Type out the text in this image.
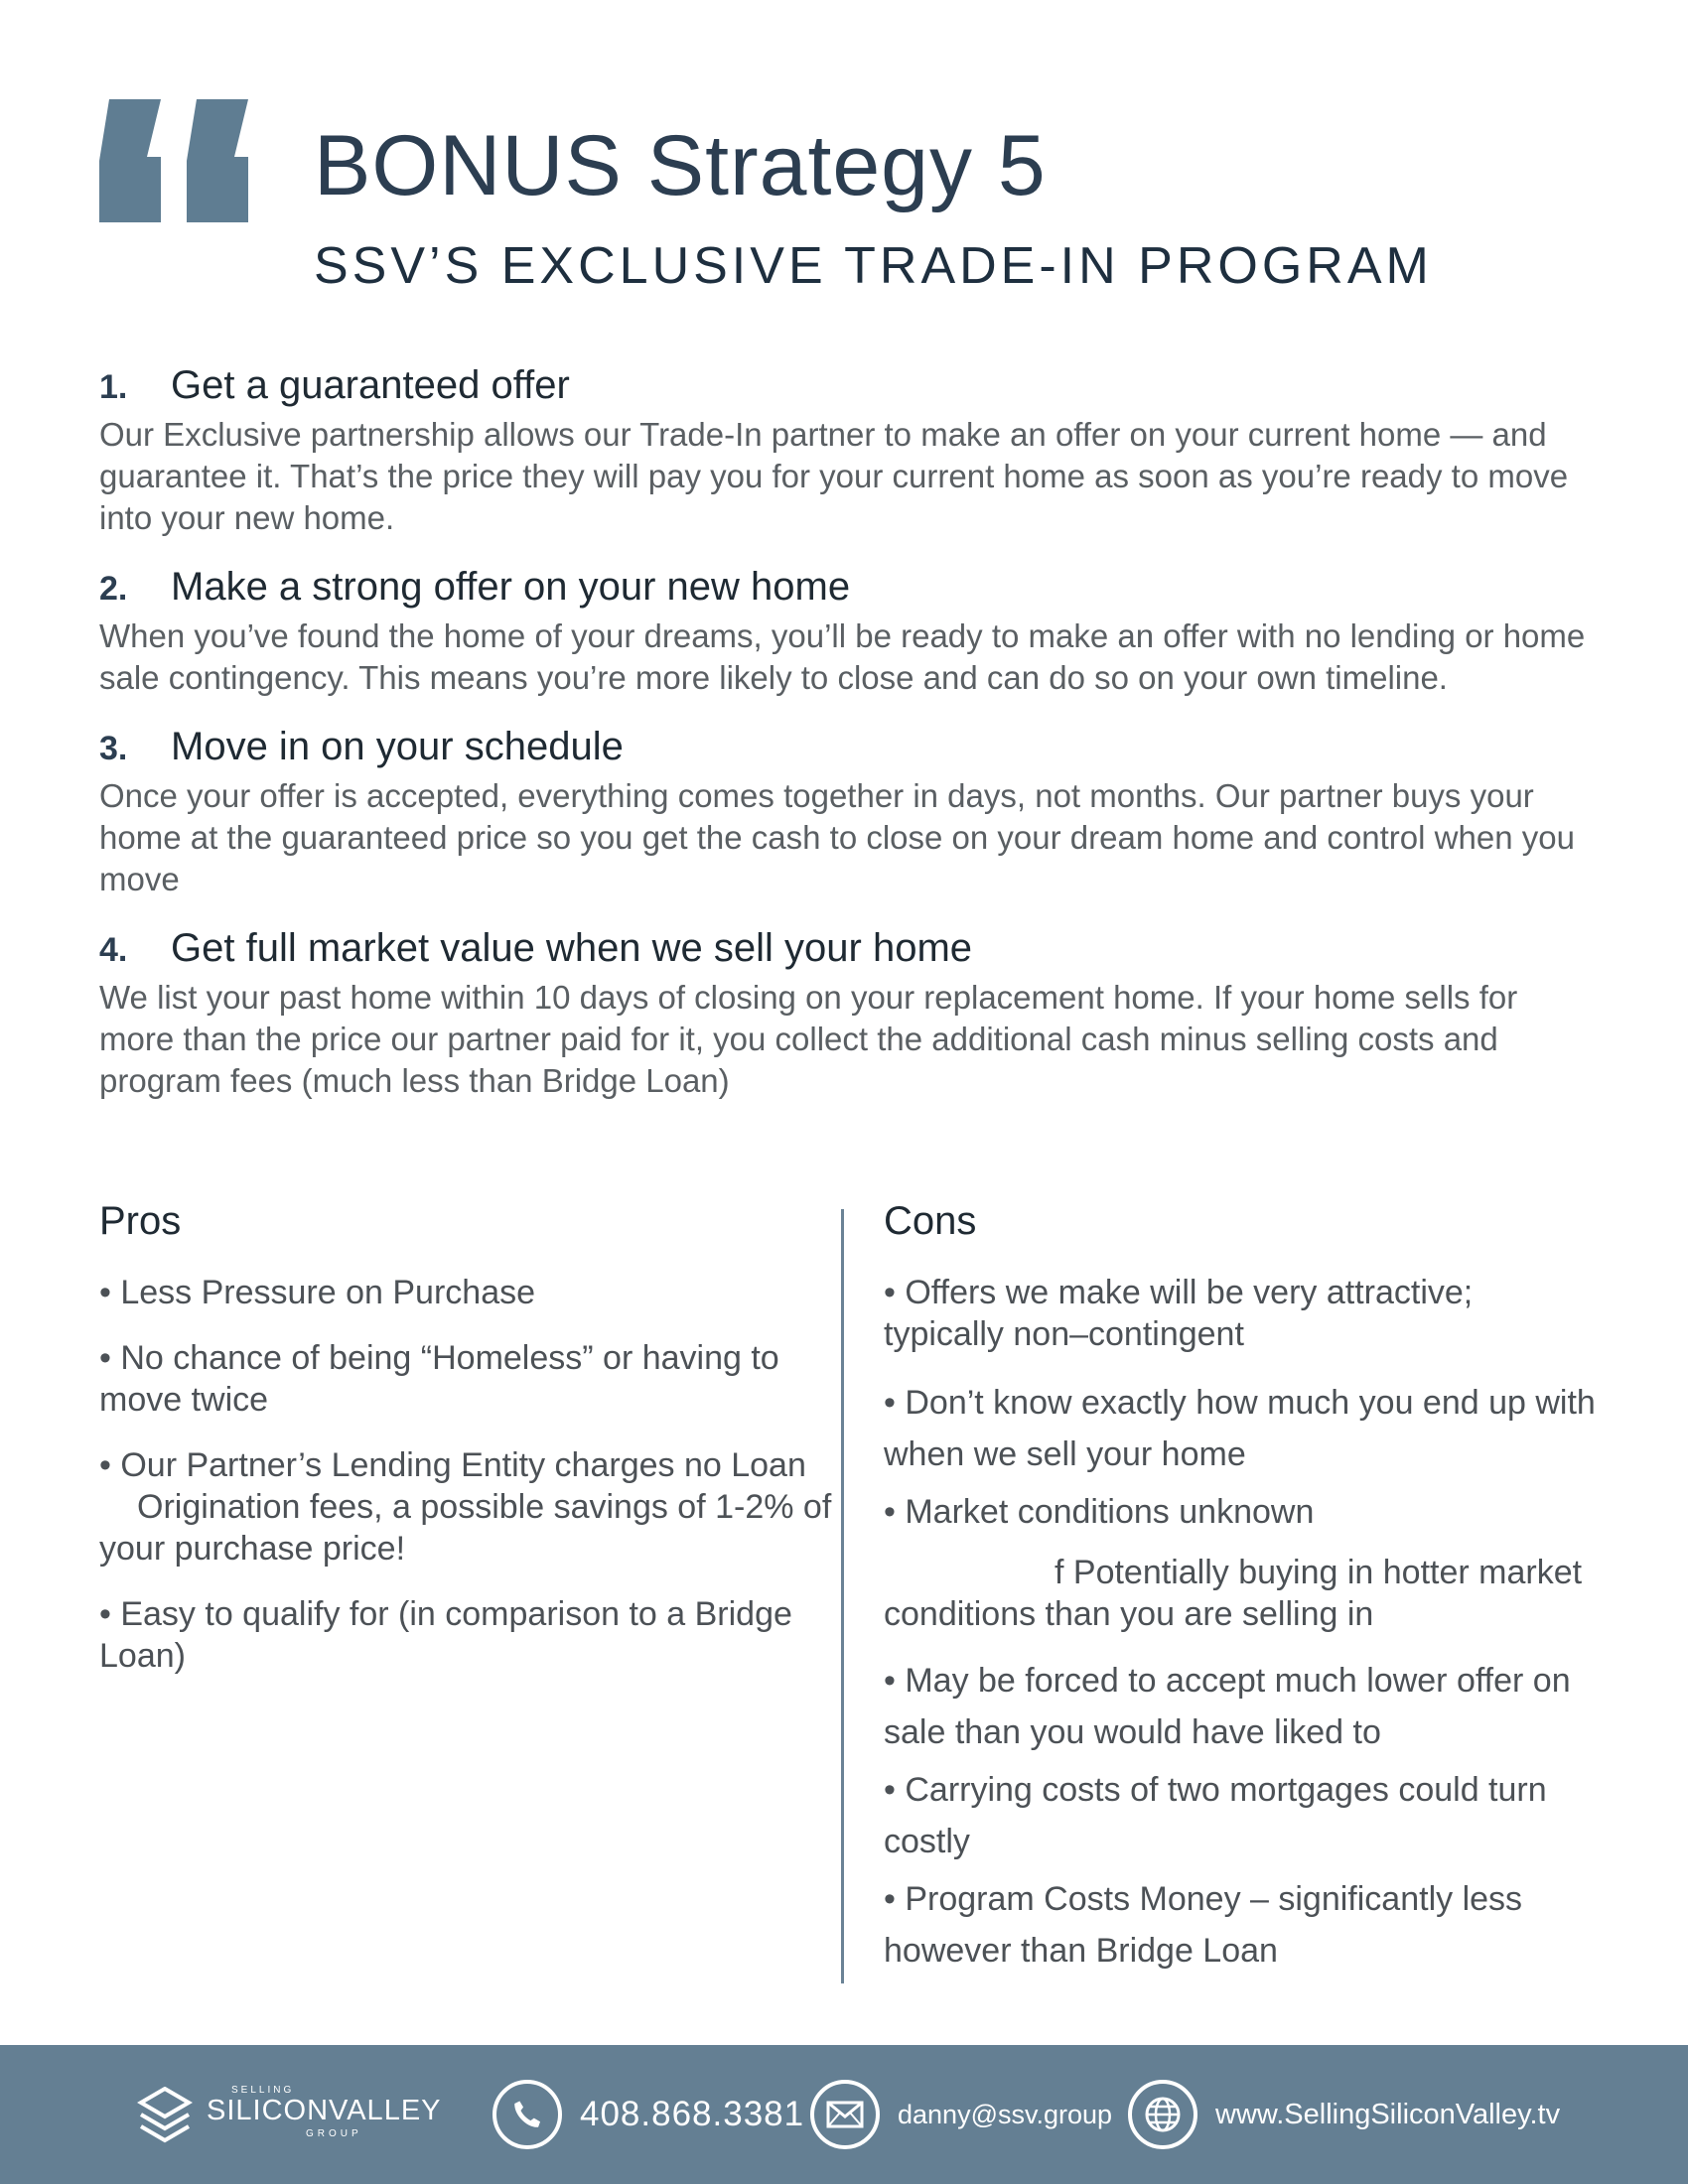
BONUS Strategy 5
SSV’S EXCLUSIVE TRADE-IN PROGRAM
1.	Get a guaranteed offer

Our Exclusive partnership allows our Trade-In partner to make an offer on your current home — and guarantee it. That’s the price they will pay you for your current home as soon as you’re ready to move into your new home.

2.	Make a strong offer on your new home

When you’ve found the home of your dreams, you’ll be ready to make an offer with no lending or home sale contingency. This means you’re more likely to close and can do so on your own timeline.

3.	Move in on your schedule

Once your offer is accepted, everything comes together in days, not months. Our partner buys your home at the guaranteed price so you get the cash to close on your dream home and control when you move

4.	Get full market value when we sell your home

We list your past home within 10 days of closing on your replacement home. If your home sells for more than the price our partner paid for it, you collect the additional cash minus selling costs and program fees (much less than Bridge Loan)

Pros

• Less Pressure on Purchase

• No chance of being “Homeless” or having to move twice

• Our Partner’s Lending Entity charges no Loan

Origination fees, a possible savings of 1-2% of your purchase price!

• Easy to qualify for (in comparison to a Bridge Loan)

Cons

• Offers we make will be very attractive; typically non–contingent

• Don’t know exactly how much you end up with when we sell your home

• Market conditions unknown

f Potentially buying in hotter market conditions than you are selling in

• May be forced to accept much lower offer on sale than you would have liked to

• Carrying costs of two mortgages could turn costly

• Program Costs Money – significantly less however than Bridge Loan

SELLING
SILICONVALLEY
GROUP
408.868.3381	danny@ssv.group	www.SellingSiliconValley.tv
